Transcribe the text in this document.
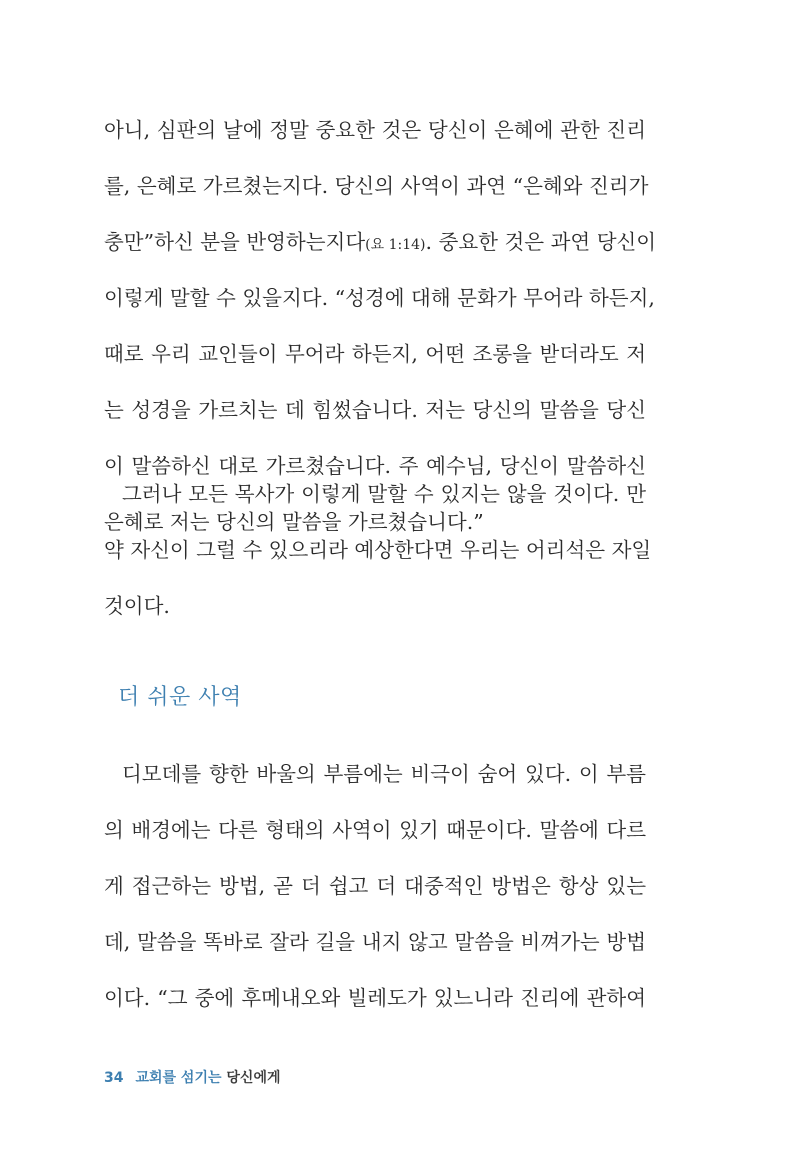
아니, 심판의 날에 정말 중요한 것은 당신이 은혜에 관한 진리
를, 은혜로 가르쳤는지다. 당신의 사역이 과연 “은혜와 진리가
충만”하신 분을 반영하는지다(요 1:14). 중요한 것은 과연 당신이
이렇게 말할 수 있을지다. “성경에 대해 문화가 무어라 하든지,
때로 우리 교인들이 무어라 하든지, 어떤 조롱을 받더라도 저
는 성경을 가르치는 데 힘썼습니다. 저는 당신의 말씀을 당신
이 말씀하신 대로 가르쳤습니다. 주 예수님, 당신이 말씀하신
은혜로 저는 당신의 말씀을 가르쳤습니다.”
그러나 모든 목사가 이렇게 말할 수 있지는 않을 것이다. 만
약 자신이 그럴 수 있으리라 예상한다면 우리는 어리석은 자일
것이다.
더 쉬운 사역
디모데를 향한 바울의 부름에는 비극이 숨어 있다. 이 부름
의 배경에는 다른 형태의 사역이 있기 때문이다. 말씀에 다르
게 접근하는 방법, 곧 더 쉽고 더 대중적인 방법은 항상 있는
데, 말씀을 똑바로 잘라 길을 내지 않고 말씀을 비껴가는 방법
이다. “그 중에 후메내오와 빌레도가 있느니라 진리에 관하여
34 교회를 섬기는 당신에게
